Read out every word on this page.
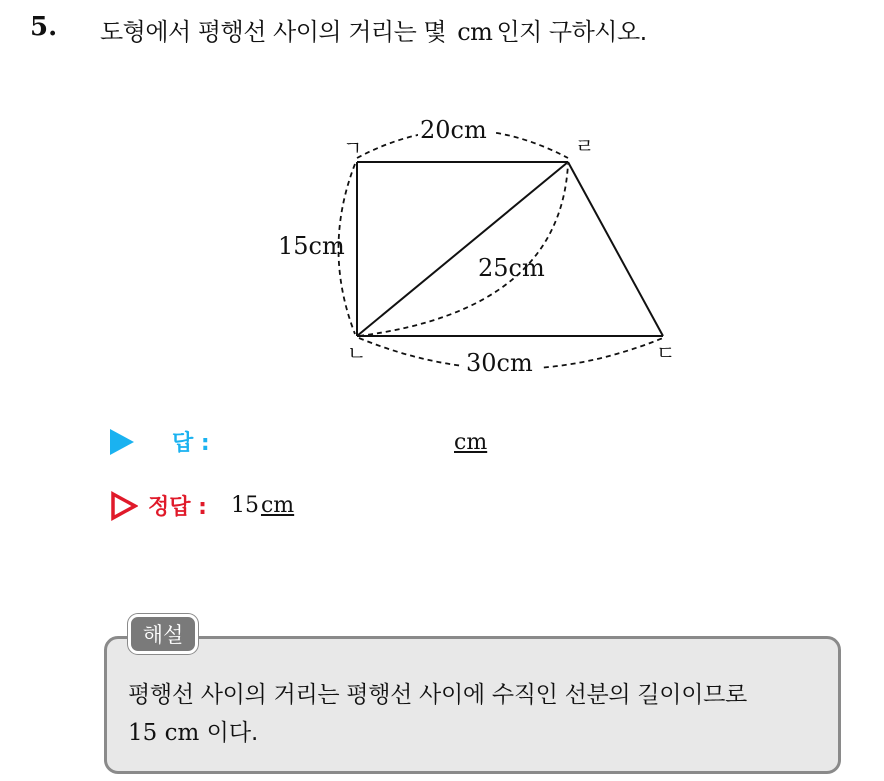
5. 도형에서 평행선 사이의 거리는 몇 cm 인지 구하시오.
20cm
15cm
25cm
30cm
ㄱ	ㄹ
ㄴ	ㄷ
답 :	cm
정답 : 15cm
해설
평행선 사이의 거리는 평행선 사이에 수직인 선분의 길이이므로
15 cm 이다.
